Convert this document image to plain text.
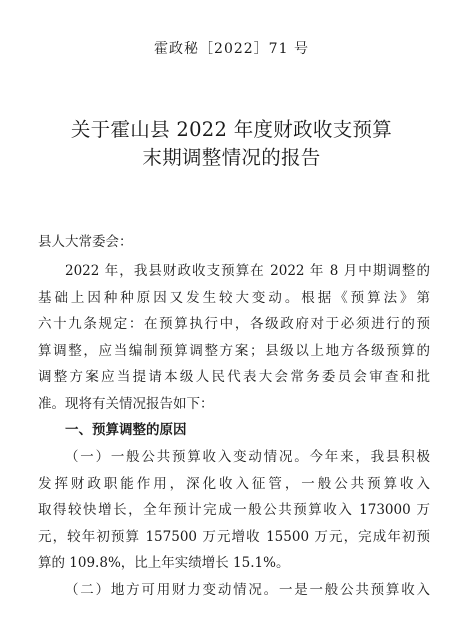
霍政秘［2022］71 号
关于霍山县 2022 年度财政收支预算
末期调整情况的报告
县人大常委会：
2022 年，我县财政收支预算在 2022 年 8 月中期调整的
基础上因种种原因又发生较大变动。根据《预算法》第
六十九条规定：在预算执行中，各级政府对于必须进行的预
算调整，应当编制预算调整方案；县级以上地方各级预算的
调整方案应当提请本级人民代表大会常务委员会审查和批
准。现将有关情况报告如下：
一、预算调整的原因
（一）一般公共预算收入变动情况。今年来，我县积极
发挥财政职能作用，深化收入征管，一般公共预算收入
取得较快增长，全年预计完成一般公共预算收入 173000 万
元，较年初预算 157500 万元增收 15500 万元，完成年初预
算的 109.8%，比上年实绩增长 15.1%。
（二）地方可用财力变动情况。一是一般公共预算收入
